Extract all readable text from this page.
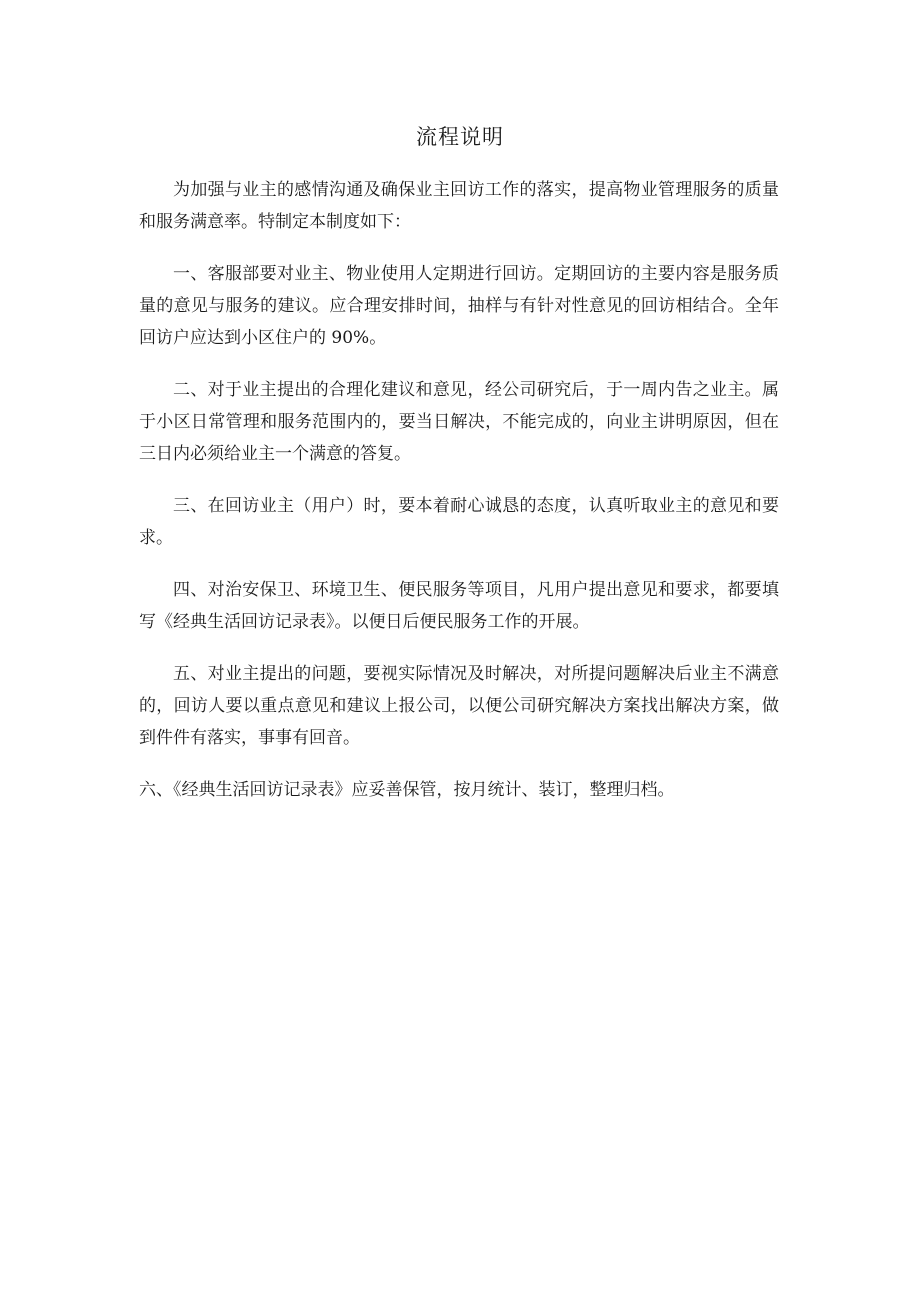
流程说明

为加强与业主的感情沟通及确保业主回访工作的落实，提高物业管理服务的质量和服务满意率。特制定本制度如下：

一、客服部要对业主、物业使用人定期进行回访。定期回访的主要内容是服务质量的意见与服务的建议。应合理安排时间，抽样与有针对性意见的回访相结合。全年回访户应达到小区住户的 90%。

二、对于业主提出的合理化建议和意见，经公司研究后，于一周内告之业主。属于小区日常管理和服务范围内的，要当日解决，不能完成的，向业主讲明原因，但在三日内必须给业主一个满意的答复。

三、在回访业主（用户）时，要本着耐心诚恳的态度，认真听取业主的意见和要求。

四、对治安保卫、环境卫生、便民服务等项目，凡用户提出意见和要求，都要填写《经典生活回访记录表》。以便日后便民服务工作的开展。

五、对业主提出的问题，要视实际情况及时解决，对所提问题解决后业主不满意的，回访人要以重点意见和建议上报公司，以便公司研究解决方案找出解决方案，做到件件有落实，事事有回音。

六、《经典生活回访记录表》应妥善保管，按月统计、装订，整理归档。
